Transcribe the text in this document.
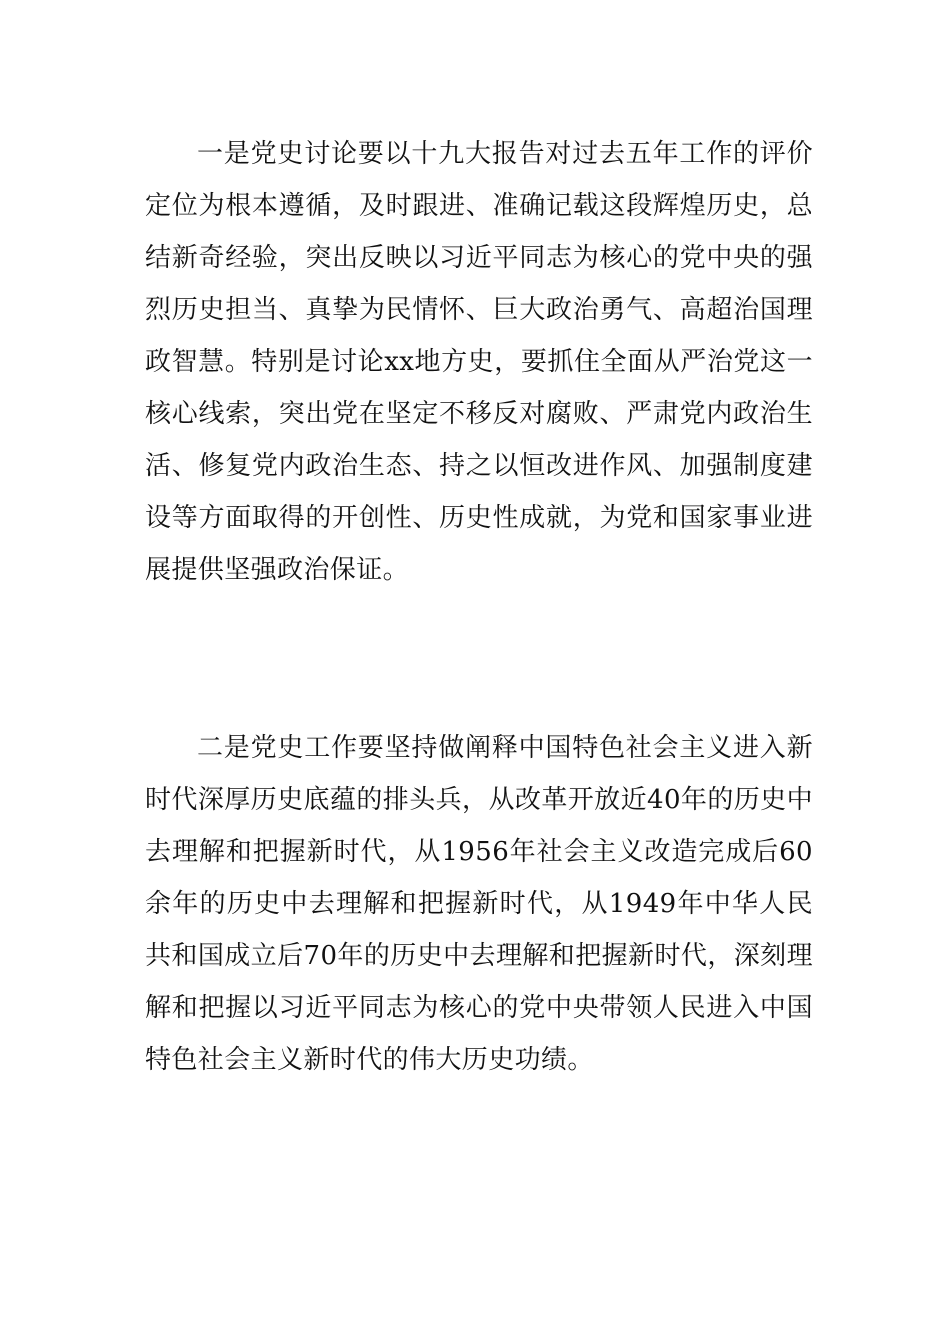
一是党史讨论要以十九大报告对过去五年工作的评价定位为根本遵循，及时跟进、准确记载这段辉煌历史，总结新奇经验，突出反映以习近平同志为核心的党中央的强烈历史担当、真挚为民情怀、巨大政治勇气、高超治国理政智慧。特别是讨论xx地方史，要抓住全面从严治党这一核心线索，突出党在坚定不移反对腐败、严肃党内政治生活、修复党内政治生态、持之以恒改进作风、加强制度建设等方面取得的开创性、历史性成就，为党和国家事业进展提供坚强政治保证。

二是党史工作要坚持做阐释中国特色社会主义进入新时代深厚历史底蕴的排头兵，从改革开放近40年的历史中去理解和把握新时代，从1956年社会主义改造完成后60余年的历史中去理解和把握新时代，从1949年中华人民共和国成立后70年的历史中去理解和把握新时代，深刻理解和把握以习近平同志为核心的党中央带领人民进入中国特色社会主义新时代的伟大历史功绩。
